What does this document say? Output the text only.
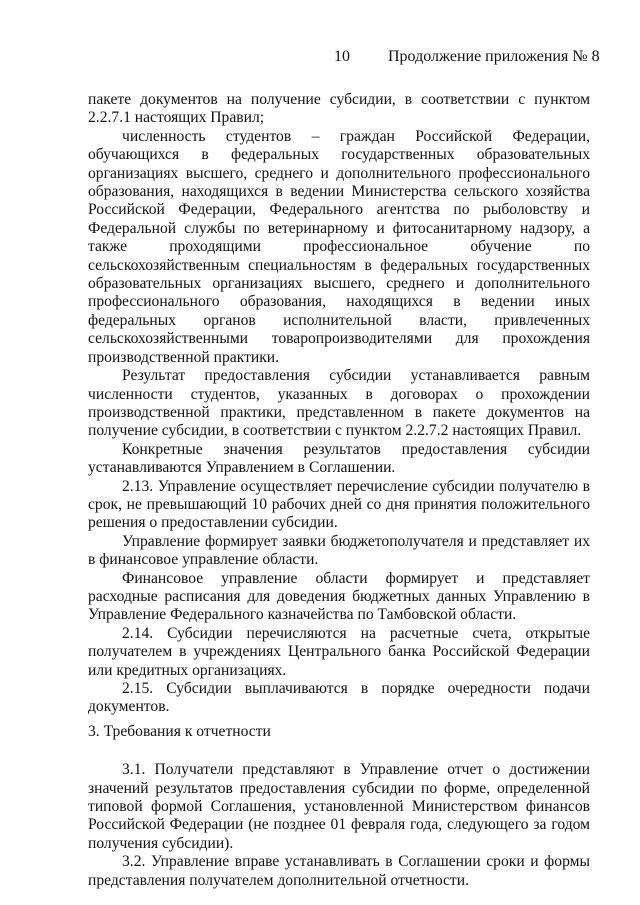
10 Продолжение приложения № 8

пакете документов на получение субсидии, в соответствии с пунктом 2.2.7.1 настоящих Правил;

численность студентов – граждан Российской Федерации, обучающихся в федеральных государственных образовательных организациях высшего, среднего и дополнительного профессионального образования, находящихся в ведении Министерства сельского хозяйства Российской Федерации, Федерального агентства по рыболовству и Федеральной службы по ветеринарному и фитосанитарному надзору, а также проходящими профессиональное обучение по сельскохозяйственным специальностям в федеральных государственных образовательных организациях высшего, среднего и дополнительного профессионального образования, находящихся в ведении иных федеральных органов исполнительной власти, привлеченных сельскохозяйственными товаропроизводителями для прохождения производственной практики.

Результат предоставления субсидии устанавливается равным численности студентов, указанных в договорах о прохождении производственной практики, представленном в пакете документов на получение субсидии, в соответствии с пунктом 2.2.7.2 настоящих Правил.

Конкретные значения результатов предоставления субсидии устанавливаются Управлением в Соглашении.

2.13. Управление осуществляет перечисление субсидии получателю в срок, не превышающий 10 рабочих дней со дня принятия положительного решения о предоставлении субсидии.

Управление формирует заявки бюджетополучателя и представляет их в финансовое управление области.

Финансовое управление области формирует и представляет расходные расписания для доведения бюджетных данных Управлению в Управление Федерального казначейства по Тамбовской области.

2.14. Субсидии перечисляются на расчетные счета, открытые получателем в учреждениях Центрального банка Российской Федерации или кредитных организациях.

2.15. Субсидии выплачиваются в порядке очередности подачи документов.

3. Требования к отчетности

3.1. Получатели представляют в Управление отчет о достижении значений результатов предоставления субсидии по форме, определенной типовой формой Соглашения, установленной Министерством финансов Российской Федерации (не позднее 01 февраля года, следующего за годом получения субсидии).

3.2. Управление вправе устанавливать в Соглашении сроки и формы представления получателем дополнительной отчетности.
